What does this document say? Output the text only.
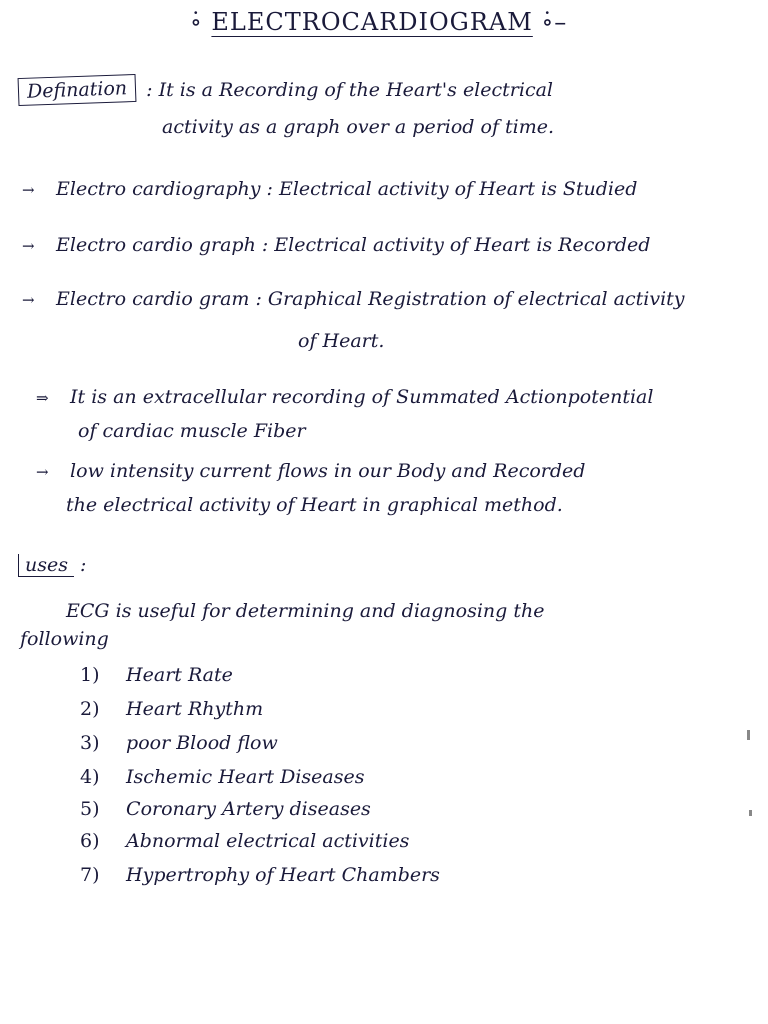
∘̇ ELECTROCARDIOGRAM ∘̇–
Defination : It is a Recording of the Heart's electrical
activity as a graph over a period of time.
→ Electro cardiography : Electrical activity of Heart is Studied
→ Electro cardio graph : Electrical activity of Heart is Recorded
→ Electro cardio gram : Graphical Registration of electrical activity
of Heart.
⇒ It is an extracellular recording of Summated Actionpotential
of cardiac muscle Fiber
→ low intensity current flows in our Body and Recorded
the electrical activity of Heart in graphical method.
uses :
ECG is useful for determining and diagnosing the
following
1) Heart Rate
2) Heart Rhythm
3) poor Blood flow
4) Ischemic Heart Diseases
5) Coronary Artery diseases
6) Abnormal electrical activities
7) Hypertrophy of Heart Chambers
